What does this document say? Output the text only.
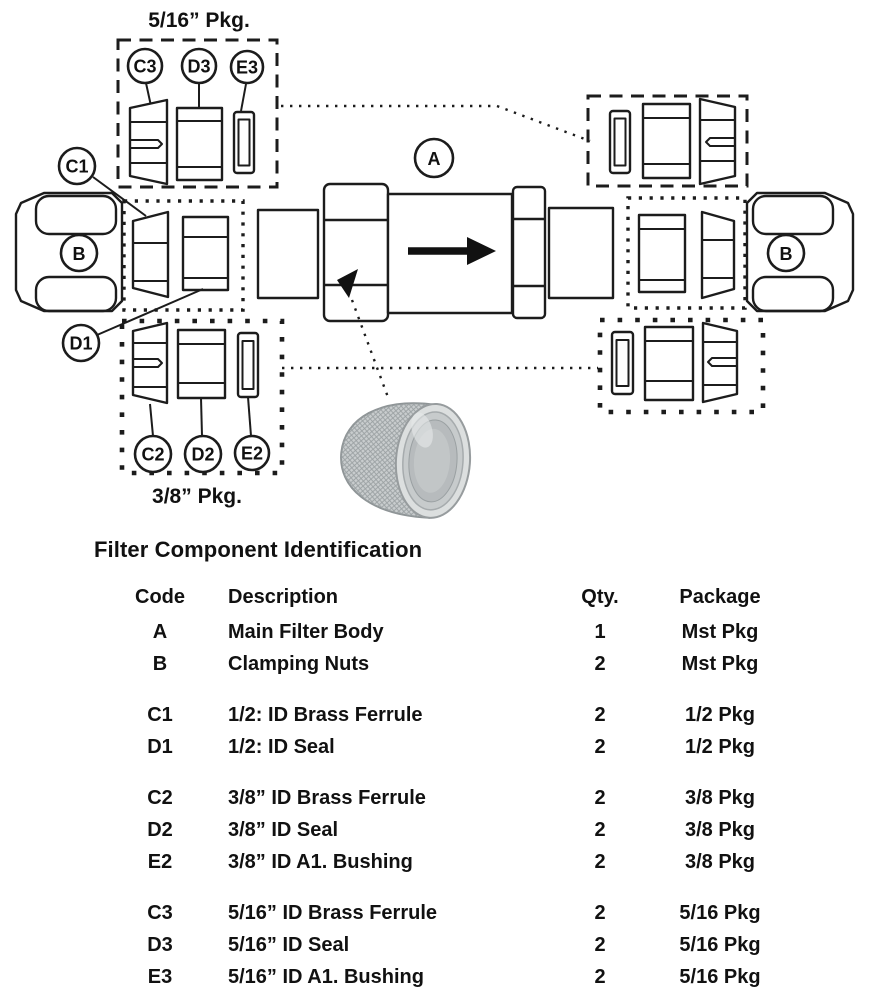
5/16” Pkg.
C3 D3 E3
B
C1
D1
A
B
C2 D2 E2
3/8” Pkg.
Filter Component Identification
Code	Description	Qty.	Package
A	Main Filter Body	1	Mst Pkg
B	Clamping Nuts	2	Mst Pkg
C1	1/2: ID Brass Ferrule	2	1/2 Pkg
D1	1/2: ID Seal	2	1/2 Pkg
C2	3/8” ID Brass Ferrule	2	3/8 Pkg
D2	3/8” ID Seal	2	3/8 Pkg
E2	3/8” ID A1. Bushing	2	3/8 Pkg
C3	5/16” ID Brass Ferrule	2	5/16 Pkg
D3	5/16” ID Seal	2	5/16 Pkg
E3	5/16” ID A1. Bushing	2	5/16 Pkg
